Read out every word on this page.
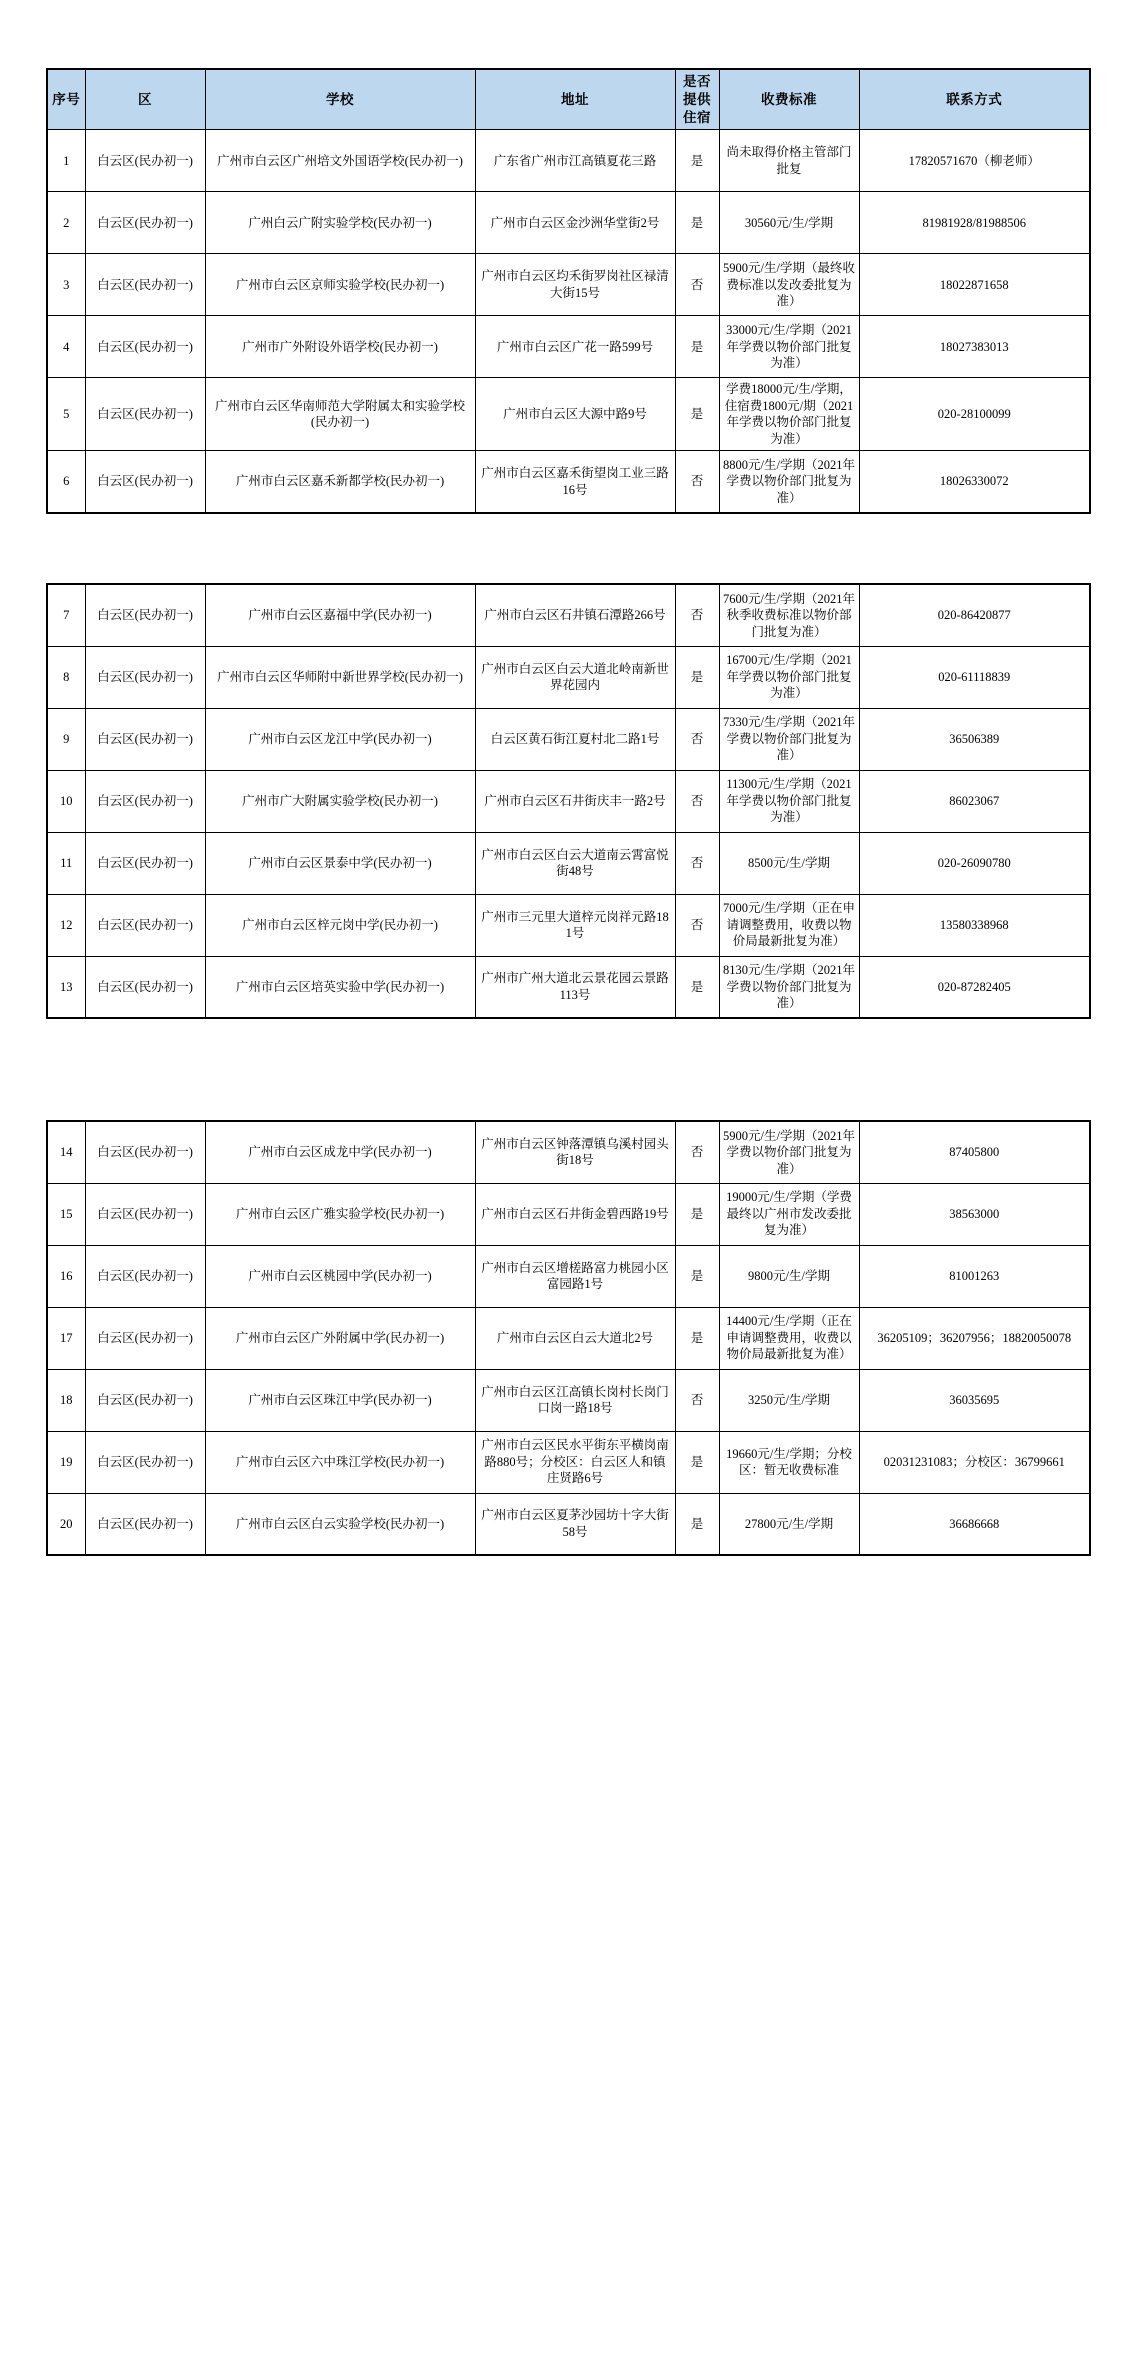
序号	区	学校	地址	是否提供住宿	收费标准	联系方式
1	白云区(民办初一)	广州市白云区广州培文外国语学校(民办初一)	广东省广州市江高镇夏花三路	是	尚未取得价格主管部门批复	17820571670（柳老师）
2	白云区(民办初一)	广州白云广附实验学校(民办初一)	广州市白云区金沙洲华堂街2号	是	30560元/生/学期	81981928/81988506
3	白云区(民办初一)	广州市白云区京师实验学校(民办初一)	广州市白云区均禾街罗岗社区禄清大街15号	否	5900元/生/学期（最终收费标准以发改委批复为准）	18022871658
4	白云区(民办初一)	广州市广外附设外语学校(民办初一)	广州市白云区广花一路599号	是	33000元/生/学期（2021年学费以物价部门批复为准）	18027383013
5	白云区(民办初一)	广州市白云区华南师范大学附属太和实验学校(民办初一)	广州市白云区大源中路9号	是	学费18000元/生/学期，住宿费1800元/期（2021年学费以物价部门批复为准）	020-28100099
6	白云区(民办初一)	广州市白云区嘉禾新都学校(民办初一)	广州市白云区嘉禾街望岗工业三路16号	否	8800元/生/学期（2021年学费以物价部门批复为准）	18026330072
7	白云区(民办初一)	广州市白云区嘉福中学(民办初一)	广州市白云区石井镇石潭路266号	否	7600元/生/学期（2021年秋季收费标准以物价部门批复为准）	020-86420877
8	白云区(民办初一)	广州市白云区华师附中新世界学校(民办初一)	广州市白云区白云大道北岭南新世界花园内	是	16700元/生/学期（2021年学费以物价部门批复为准）	020-61118839
9	白云区(民办初一)	广州市白云区龙江中学(民办初一)	白云区黄石街江夏村北二路1号	否	7330元/生/学期（2021年学费以物价部门批复为准）	36506389
10	白云区(民办初一)	广州市广大附属实验学校(民办初一)	广州市白云区石井街庆丰一路2号	否	11300元/生/学期（2021年学费以物价部门批复为准）	86023067
11	白云区(民办初一)	广州市白云区景泰中学(民办初一)	广州市白云区白云大道南云霄富悦街48号	否	8500元/生/学期	020-26090780
12	白云区(民办初一)	广州市白云区梓元岗中学(民办初一)	广州市三元里大道梓元岗祥元路181号	否	7000元/生/学期（正在申请调整费用，收费以物价局最新批复为准）	13580338968
13	白云区(民办初一)	广州市白云区培英实验中学(民办初一)	广州市广州大道北云景花园云景路113号	是	8130元/生/学期（2021年学费以物价部门批复为准）	020-87282405
14	白云区(民办初一)	广州市白云区成龙中学(民办初一)	广州市白云区钟落潭镇乌溪村园头街18号	否	5900元/生/学期（2021年学费以物价部门批复为准）	87405800
15	白云区(民办初一)	广州市白云区广雅实验学校(民办初一)	广州市白云区石井街金碧西路19号	是	19000元/生/学期（学费最终以广州市发改委批复为准）	38563000
16	白云区(民办初一)	广州市白云区桃园中学(民办初一)	广州市白云区增槎路富力桃园小区富园路1号	是	9800元/生/学期	81001263
17	白云区(民办初一)	广州市白云区广外附属中学(民办初一)	广州市白云区白云大道北2号	是	14400元/生/学期（正在申请调整费用，收费以物价局最新批复为准）	36205109；36207956；18820050078
18	白云区(民办初一)	广州市白云区珠江中学(民办初一)	广州市白云区江高镇长岗村长岗门口岗一路18号	否	3250元/生/学期	36035695
19	白云区(民办初一)	广州市白云区六中珠江学校(民办初一)	广州市白云区民水平街东平横岗南路880号；分校区：白云区人和镇庄贤路6号	是	19660元/生/学期；分校区：暂无收费标准	02031231083；分校区：36799661
20	白云区(民办初一)	广州市白云区白云实验学校(民办初一)	广州市白云区夏茅沙园坊十字大街58号	是	27800元/生/学期	36686668
